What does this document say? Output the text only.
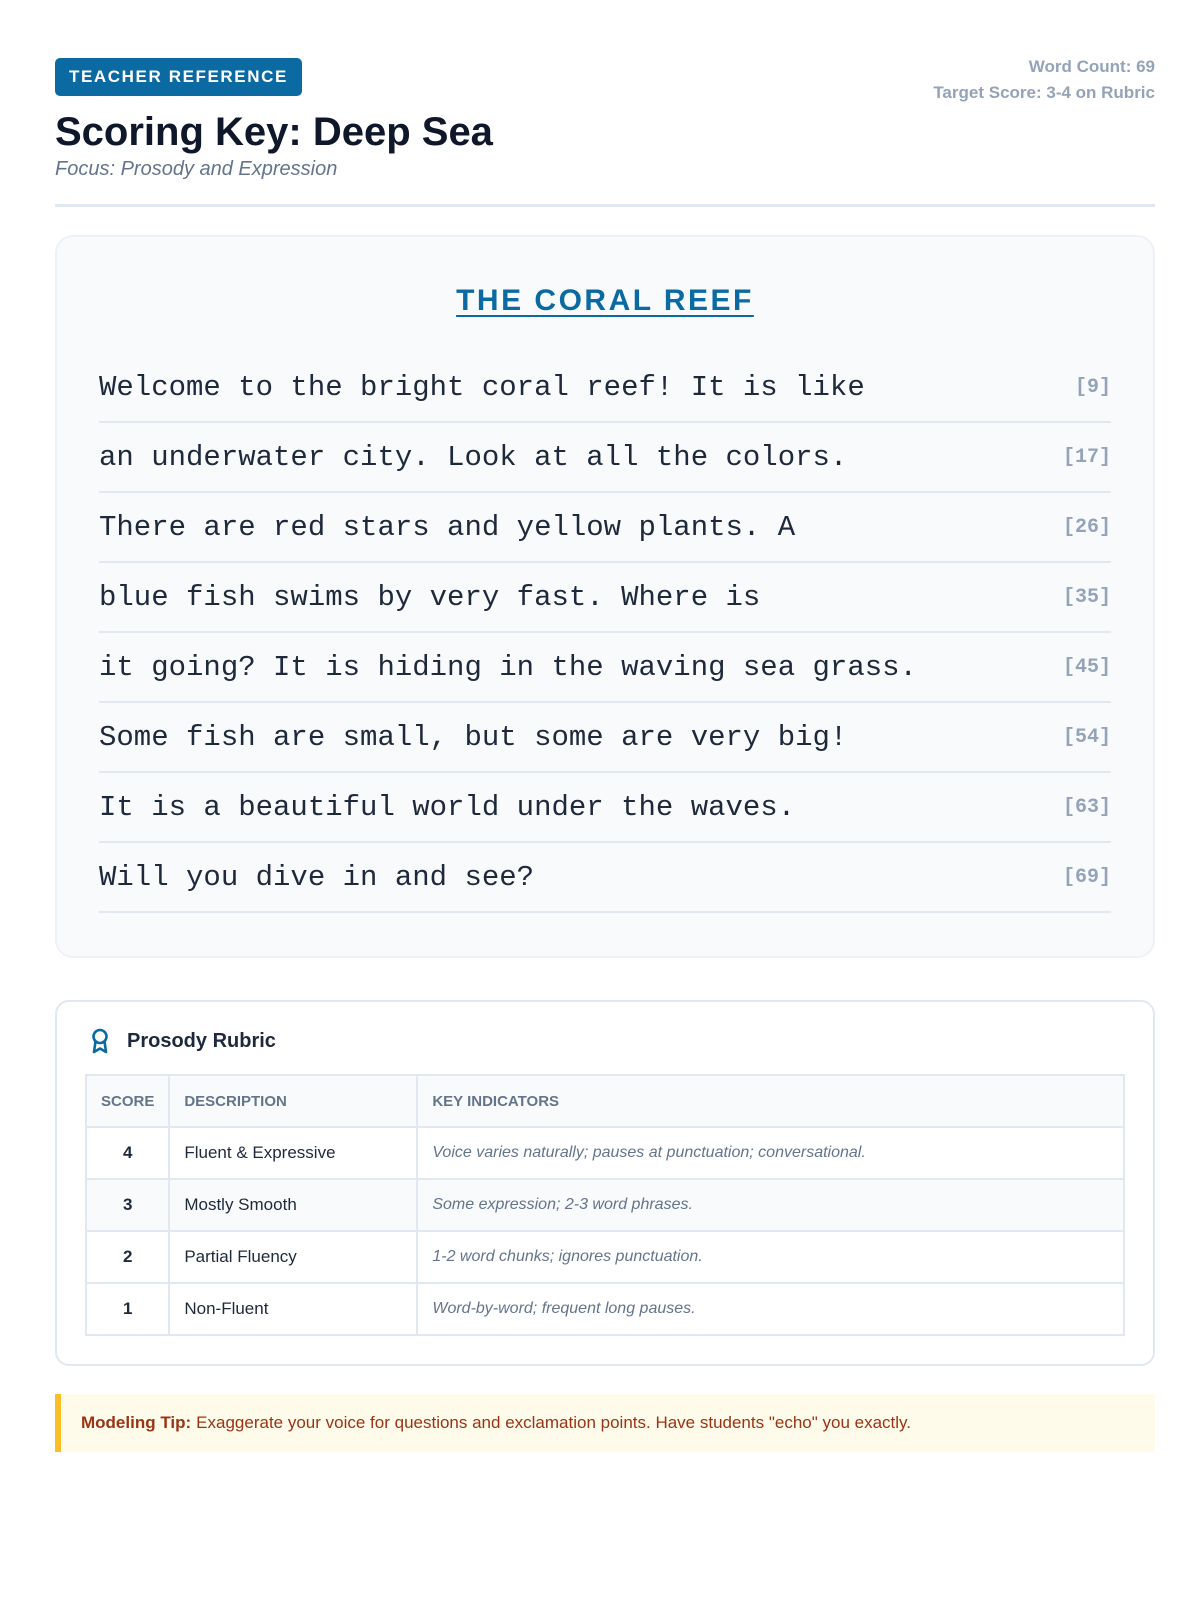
TEACHER REFERENCE
Scoring Key: Deep Sea
Focus: Prosody and Expression
Word Count: 69
Target Score: 3-4 on Rubric
THE CORAL REEF
Welcome to the bright coral reef! It is like	[9]
an underwater city. Look at all the colors.	[17]
There are red stars and yellow plants. A	[26]
blue fish swims by very fast. Where is	[35]
it going? It is hiding in the waving sea grass.	[45]
Some fish are small, but some are very big!	[54]
It is a beautiful world under the waves.	[63]
Will you dive in and see?	[69]
Prosody Rubric
SCORE	DESCRIPTION	KEY INDICATORS
4	Fluent & Expressive	Voice varies naturally; pauses at punctuation; conversational.
3	Mostly Smooth	Some expression; 2-3 word phrases.
2	Partial Fluency	1-2 word chunks; ignores punctuation.
1	Non-Fluent	Word-by-word; frequent long pauses.
Modeling Tip: Exaggerate your voice for questions and exclamation points. Have students "echo" you exactly.
